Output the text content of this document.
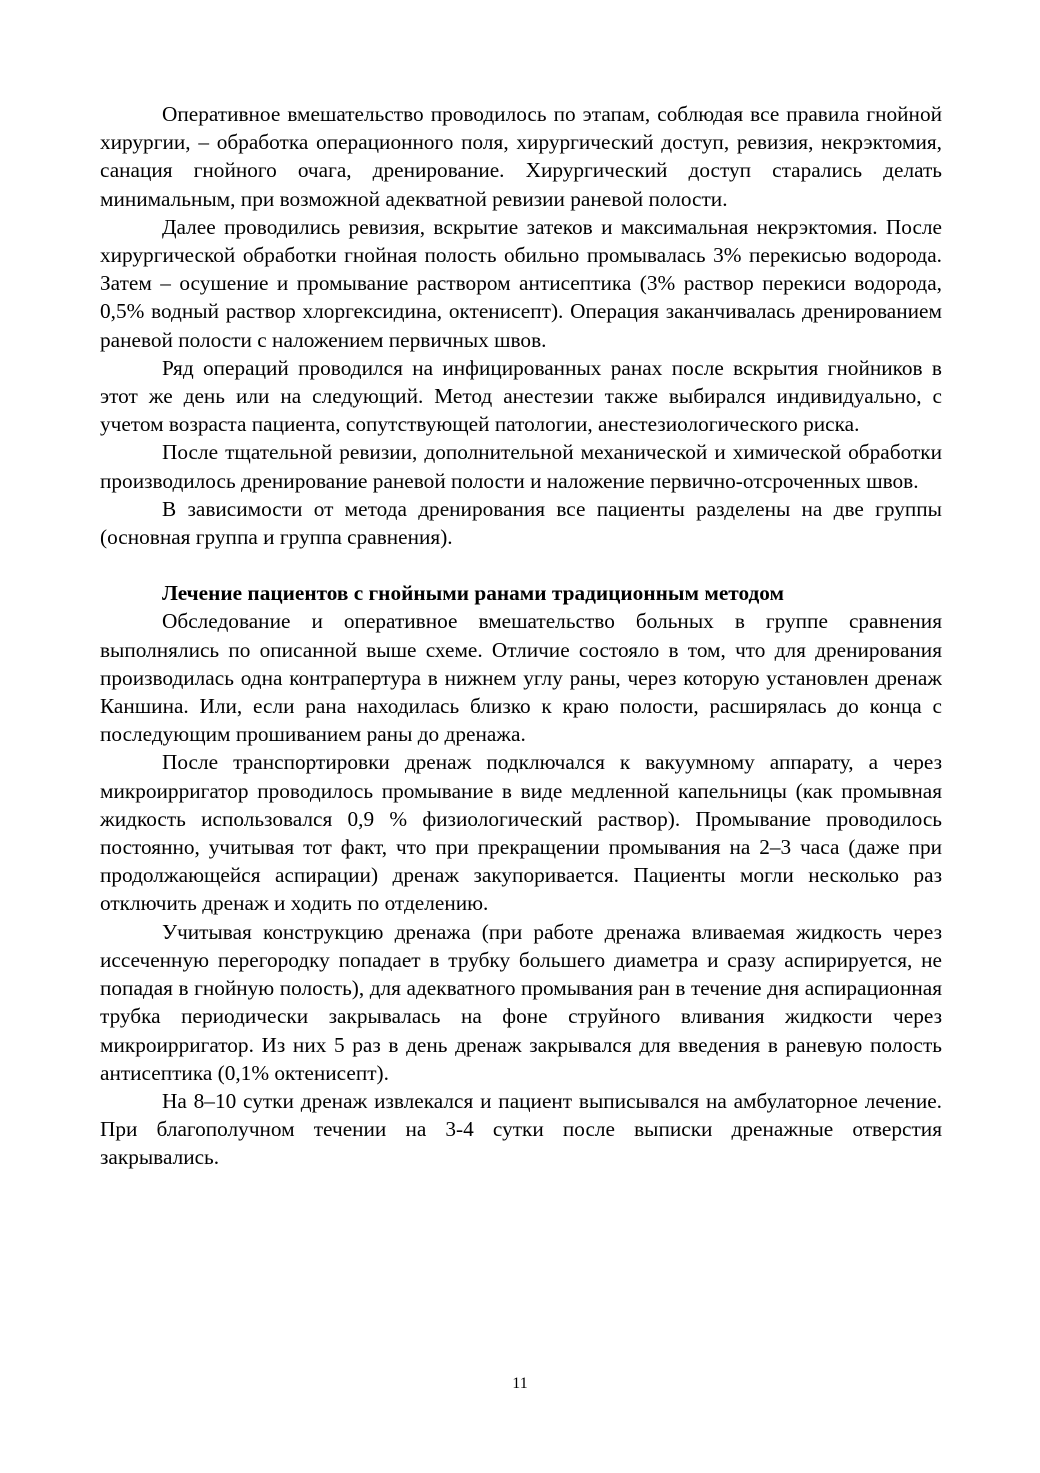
Оперативное вмешательство проводилось по этапам, соблюдая все правила гнойной хирургии, – обработка операционного поля, хирургический доступ, ревизия, некрэктомия, санация гнойного очага, дренирование. Хирургический доступ старались делать минимальным, при возможной адекватной ревизии раневой полости.

Далее проводились ревизия, вскрытие затеков и максимальная некрэктомия. После хирургической обработки гнойная полость обильно промывалась 3% перекисью водорода. Затем – осушение и промывание раствором антисептика (3% раствор перекиси водорода, 0,5% водный раствор хлоргексидина, октенисепт). Операция заканчивалась дренированием раневой полости с наложением первичных швов.

Ряд операций проводился на инфицированных ранах после вскрытия гнойников в этот же день или на следующий. Метод анестезии также выбирался индивидуально, с учетом возраста пациента, сопутствующей патологии, анестезиологического риска.

После тщательной ревизии, дополнительной механической и химической обработки производилось дренирование раневой полости и наложение первично-отсроченных швов.

В зависимости от метода дренирования все пациенты разделены на две группы (основная группа и группа сравнения).

Лечение пациентов с гнойными ранами традиционным методом

Обследование и оперативное вмешательство больных в группе сравнения выполнялись по описанной выше схеме. Отличие состояло в том, что для дренирования производилась одна контрапертура в нижнем углу раны, через которую установлен дренаж Каншина. Или, если рана находилась близко к краю полости, расширялась до конца с последующим прошиванием раны до дренажа.

После транспортировки дренаж подключался к вакуумному аппарату, а через микроирригатор проводилось промывание в виде медленной капельницы (как промывная жидкость использовался 0,9 % физиологический раствор). Промывание проводилось постоянно, учитывая тот факт, что при прекращении промывания на 2–3 часа (даже при продолжающейся аспирации) дренаж закупоривается. Пациенты могли несколько раз отключить дренаж и ходить по отделению.

Учитывая конструкцию дренажа (при работе дренажа вливаемая жидкость через иссеченную перегородку попадает в трубку большего диаметра и сразу аспирируется, не попадая в гнойную полость), для адекватного промывания ран в течение дня аспирационная трубка периодически закрывалась на фоне струйного вливания жидкости через микроирригатор. Из них 5 раз в день дренаж закрывался для введения в раневую полость антисептика (0,1% октенисепт).

На 8–10 сутки дренаж извлекался и пациент выписывался на амбулаторное лечение. При благополучном течении на 3-4 сутки после выписки дренажные отверстия закрывались.

11
